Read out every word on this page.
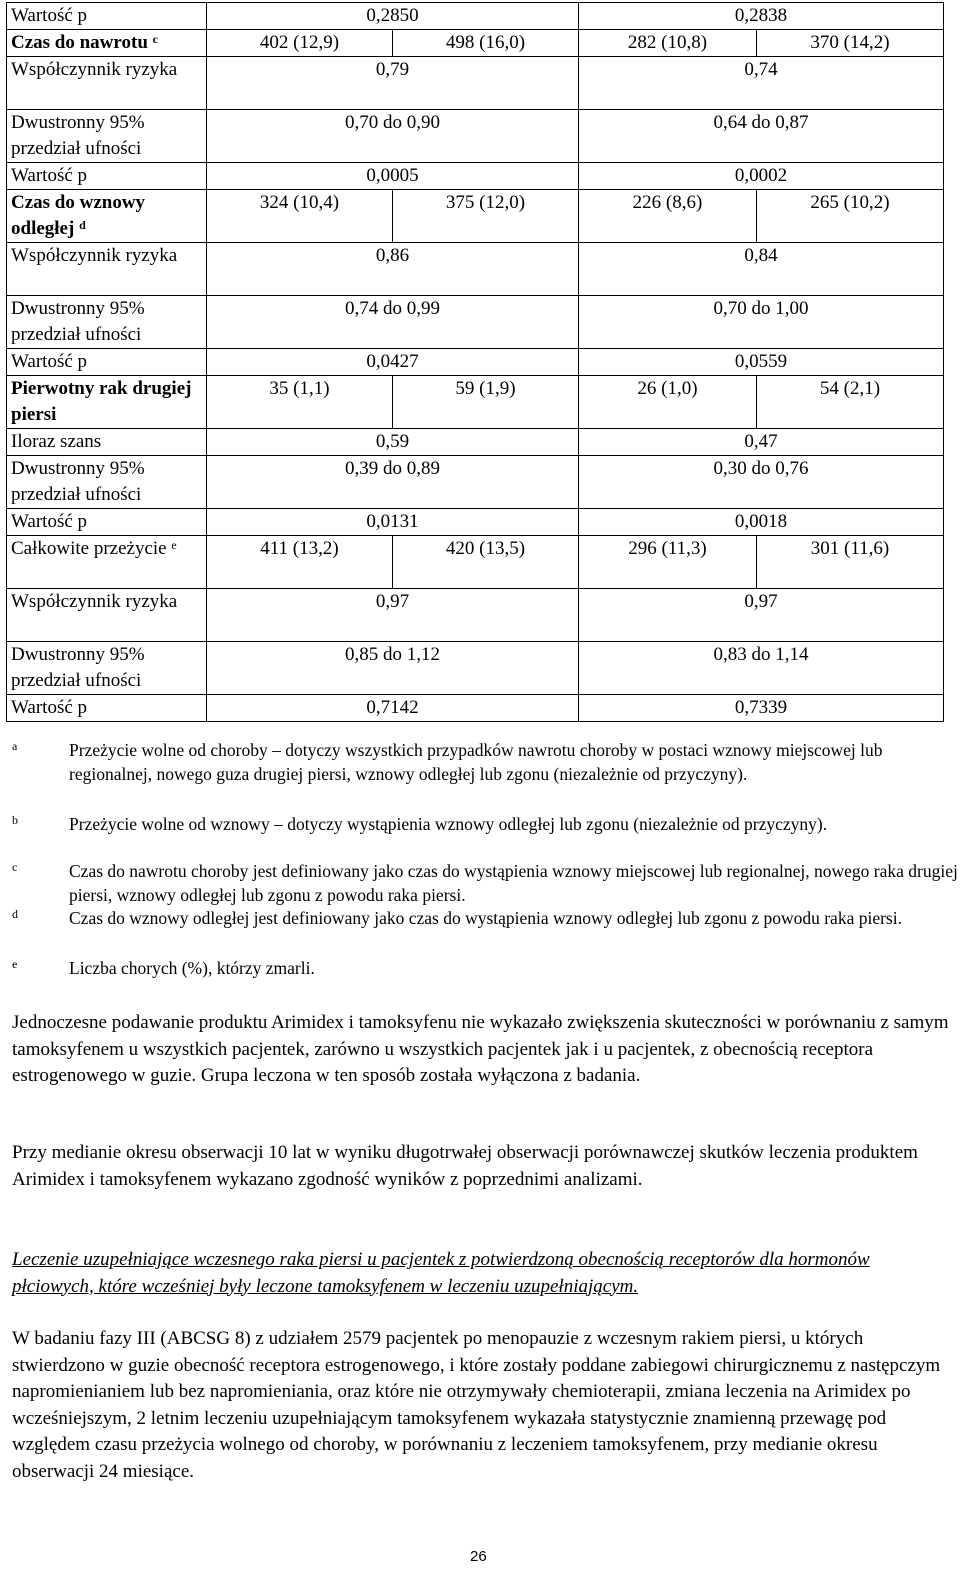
Wartość p	0,2850		0,2838	
Czas do nawrotu $^c$	402 (12,9)	498 (16,0)	282 (10,8)	370 (14,2)
Współczynnik ryzyka	0,79		0,74	
Dwustronny 95% przedział ufności	0,70 do 0,90		0,64 do 0,87	
Wartość p	0,0005		0,0002	
Czas do wznowy odległej $^d$	324 (10,4)	375 (12,0)	226 (8,6)	265 (10,2)
Współczynnik ryzyka	0,86		0,84	
Dwustronny 95% przedział ufności	0,74 do 0,99		0,70 do 1,00	
Wartość p	0,0427		0,0559	
Pierwotny rak drugiej piersi	35 (1,1)	59 (1,9)	26 (1,0)	54 (2,1)
Iloraz szans	0,59		0,47	
Dwustronny 95% przedział ufności	0,39 do 0,89		0,30 do 0,76	
Wartość p	0,0131		0,0018	
Całkowite przeżycie $^e$	411 (13,2)	420 (13,5)	296 (11,3)	301 (11,6)
Współczynnik ryzyka	0,97		0,97	
Dwustronny 95% przedział ufności	0,85 do 1,12		0,83 do 1,14	
Wartość p	0,7142		0,7339	
a	Przeżycie wolne od choroby – dotyczy wszystkich przypadków nawrotu choroby w postaci wznowy miejscowej lub regionalnej, nowego guza drugiej piersi, wznowy odległej lub zgonu (niezależnie od przyczyny).
b	Przeżycie wolne od wznowy – dotyczy wystąpienia wznowy odległej lub zgonu (niezależnie od przyczyny).
c	Czas do nawrotu choroby jest definiowany jako czas do wystąpienia wznowy miejscowej lub regionalnej, nowego raka drugiej piersi, wznowy odległej lub zgonu z powodu raka piersi.
d	Czas do wznowy odległej jest definiowany jako czas do wystąpienia wznowy odległej lub zgonu z powodu raka piersi.
e	Liczba chorych (%), którzy zmarli.
Jednoczesne podawanie produktu Arimidex i tamoksyfenu nie wykazało zwiększenia skuteczności w porównaniu z samym tamoksyfenem u wszystkich pacjentek, zarówno u wszystkich pacjentek jak i u pacjentek, z obecnością receptora estrogenowego w guzie. Grupa leczona w ten sposób została wyłączona z badania.
Przy medianie okresu obserwacji 10 lat w wyniku długotrwałej obserwacji porównawczej skutków leczenia produktem Arimidex i tamoksyfenem wykazano zgodność wyników z poprzednimi analizami.
Leczenie uzupełniające wczesnego raka piersi u pacjentek z potwierdzoną obecnością receptorów dla hormonów płciowych, które wcześniej były leczone tamoksyfenem w leczeniu uzupełniającym.
W badaniu fazy III (ABCSG 8) z udziałem 2579 pacjentek po menopauzie z wczesnym rakiem piersi, u których stwierdzono w guzie obecność receptora estrogenowego, i które zostały poddane zabiegowi chirurgicznemu z następczym napromienianiem lub bez napromieniania, oraz które nie otrzymywały chemioterapii, zmiana leczenia na Arimidex po wcześniejszym, 2 letnim leczeniu uzupełniającym tamoksyfenem wykazała statystycznie znamienną przewagę pod względem czasu przeżycia wolnego od choroby, w porównaniu z leczeniem tamoksyfenem, przy medianie okresu obserwacji 24 miesiące.
26
